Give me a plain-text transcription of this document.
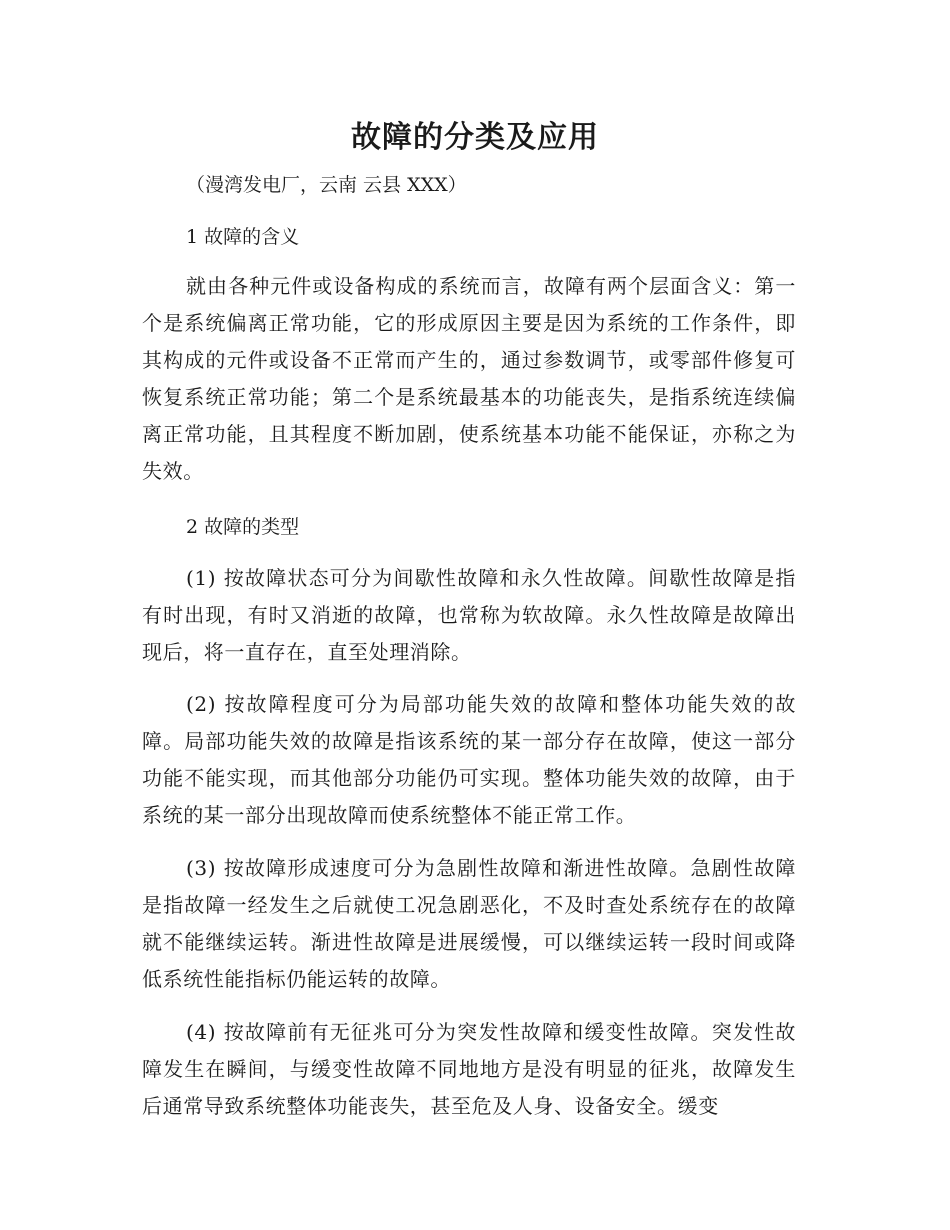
故障的分类及应用
（漫湾发电厂，云南 云县 XXX）
1 故障的含义
就由各种元件或设备构成的系统而言，故障有两个层面含义：第一个是系统偏离正常功能，它的形成原因主要是因为系统的工作条件，即其构成的元件或设备不正常而产生的，通过参数调节，或零部件修复可恢复系统正常功能；第二个是系统最基本的功能丧失，是指系统连续偏离正常功能，且其程度不断加剧，使系统基本功能不能保证，亦称之为失效。
2 故障的类型
(1) 按故障状态可分为间歇性故障和永久性故障。间歇性故障是指有时出现，有时又消逝的故障，也常称为软故障。永久性故障是故障出现后，将一直存在，直至处理消除。
(2) 按故障程度可分为局部功能失效的故障和整体功能失效的故障。局部功能失效的故障是指该系统的某一部分存在故障，使这一部分功能不能实现，而其他部分功能仍可实现。整体功能失效的故障，由于系统的某一部分出现故障而使系统整体不能正常工作。
(3) 按故障形成速度可分为急剧性故障和渐进性故障。急剧性故障是指故障一经发生之后就使工况急剧恶化，不及时查处系统存在的故障就不能继续运转。渐进性故障是进展缓慢，可以继续运转一段时间或降低系统性能指标仍能运转的故障。
(4) 按故障前有无征兆可分为突发性故障和缓变性故障。突发性故障发生在瞬间，与缓变性故障不同地地方是没有明显的征兆，故障发生后通常导致系统整体功能丧失，甚至危及人身、设备安全。缓变
